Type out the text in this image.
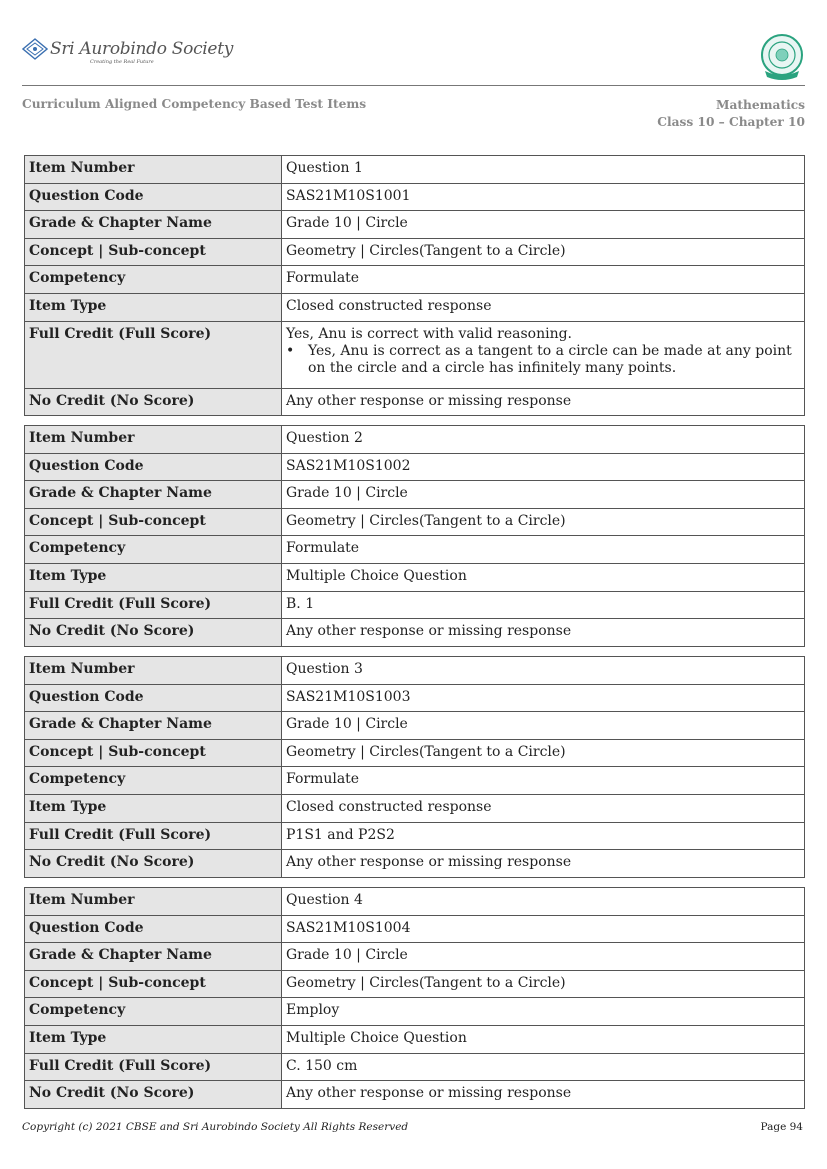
Sri Aurobindo Society
Creating the Real Future
Curriculum Aligned Competency Based Test Items	Mathematics
Class 10 – Chapter 10
Item Number	Question 1
Question Code	SAS21M10S1001
Grade & Chapter Name	Grade 10 | Circle
Concept | Sub-concept	Geometry | Circles(Tangent to a Circle)
Competency	Formulate
Item Type	Closed constructed response
Full Credit (Full Score)	Yes, Anu is correct with valid reasoning.
• Yes, Anu is correct as a tangent to a circle can be made at any point on the circle and a circle has infinitely many points.

No Credit (No Score)	Any other response or missing response
Item Number	Question 2
Question Code	SAS21M10S1002
Grade & Chapter Name	Grade 10 | Circle
Concept | Sub-concept	Geometry | Circles(Tangent to a Circle)
Competency	Formulate
Item Type	Multiple Choice Question
Full Credit (Full Score)	B. 1
No Credit (No Score)	Any other response or missing response
Item Number	Question 3
Question Code	SAS21M10S1003
Grade & Chapter Name	Grade 10 | Circle
Concept | Sub-concept	Geometry | Circles(Tangent to a Circle)
Competency	Formulate
Item Type	Closed constructed response
Full Credit (Full Score)	P1S1 and P2S2
No Credit (No Score)	Any other response or missing response
Item Number	Question 4
Question Code	SAS21M10S1004
Grade & Chapter Name	Grade 10 | Circle
Concept | Sub-concept	Geometry | Circles(Tangent to a Circle)
Competency	Employ
Item Type	Multiple Choice Question
Full Credit (Full Score)	C. 150 cm
No Credit (No Score)	Any other response or missing response
Copyright (c) 2021 CBSE and Sri Aurobindo Society All Rights Reserved	Page 94
